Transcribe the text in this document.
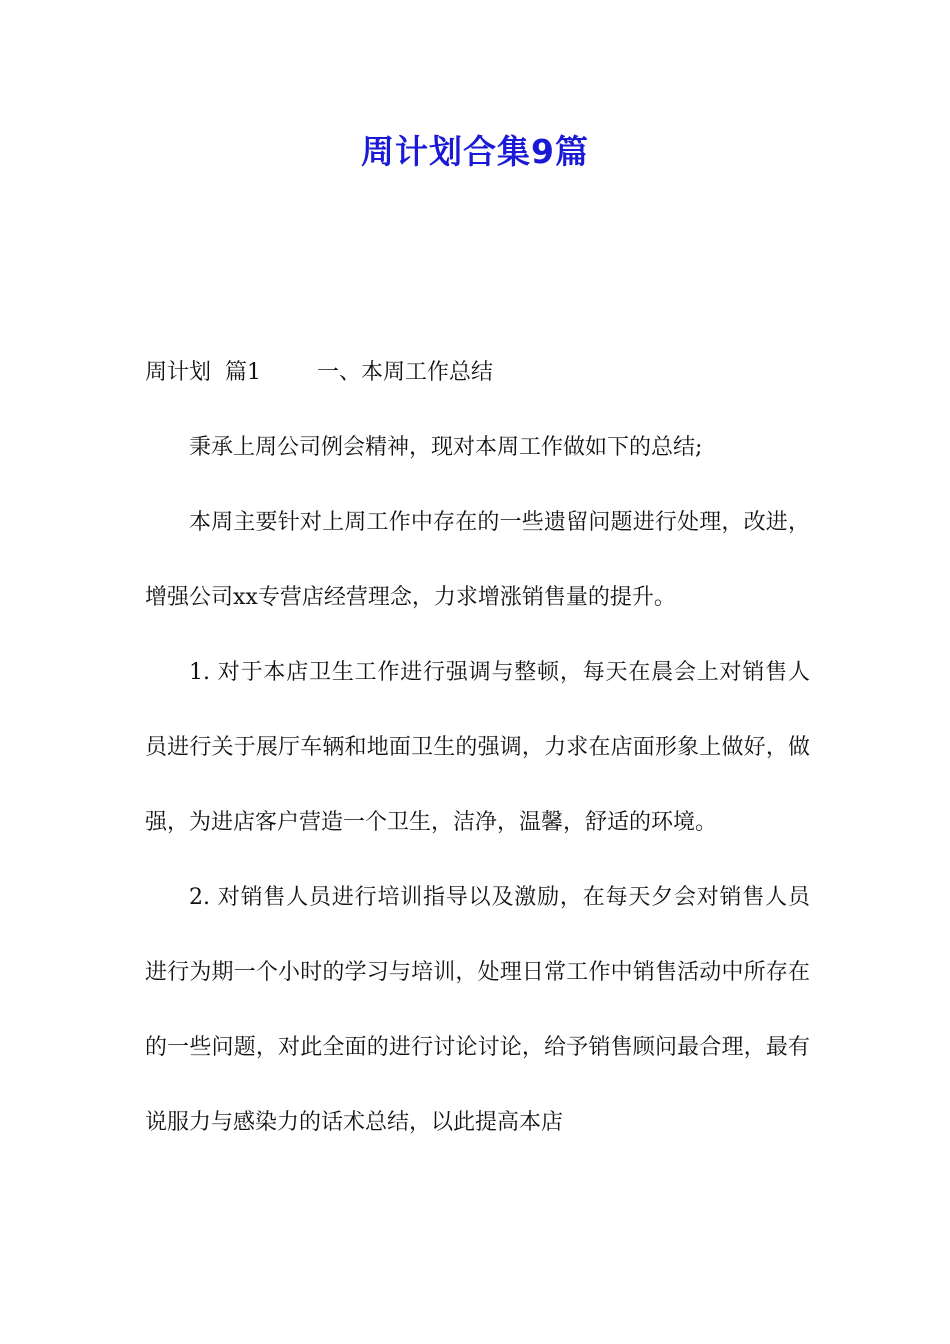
周计划合集9篇

周计划  篇1	一、本周工作总结

秉承上周公司例会精神，现对本周工作做如下的总结;

本周主要针对上周工作中存在的一些遗留问题进行处理，改进，增强公司xx专营店经营理念，力求增涨销售量的提升。

1. 对于本店卫生工作进行强调与整顿，每天在晨会上对销售人员进行关于展厅车辆和地面卫生的强调，力求在店面形象上做好，做强，为进店客户营造一个卫生，洁净，温馨，舒适的环境。

2. 对销售人员进行培训指导以及激励，在每天夕会对销售人员进行为期一个小时的学习与培训，处理日常工作中销售活动中所存在的一些问题，对此全面的进行讨论讨论，给予销售顾问最合理，最有说服力与感染力的话术总结，以此提高本店
